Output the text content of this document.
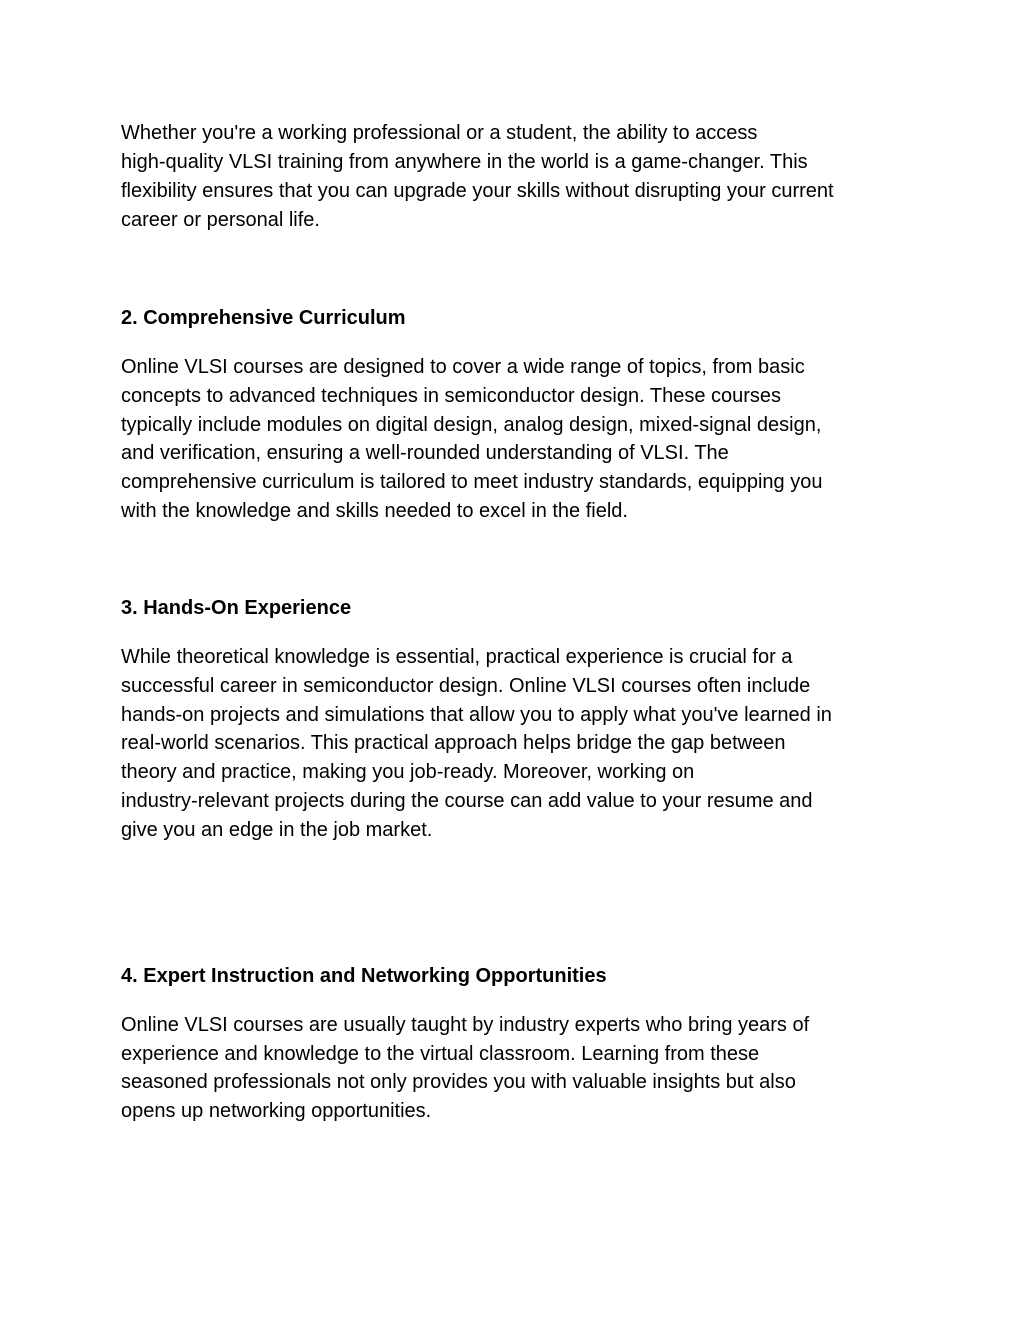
Whether you're a working professional or a student, the ability to access
high-quality VLSI training from anywhere in the world is a game-changer. This
flexibility ensures that you can upgrade your skills without disrupting your current
career or personal life.
2. Comprehensive Curriculum
Online VLSI courses are designed to cover a wide range of topics, from basic
concepts to advanced techniques in semiconductor design. These courses
typically include modules on digital design, analog design, mixed-signal design,
and verification, ensuring a well-rounded understanding of VLSI. The
comprehensive curriculum is tailored to meet industry standards, equipping you
with the knowledge and skills needed to excel in the field.
3. Hands-On Experience
While theoretical knowledge is essential, practical experience is crucial for a
successful career in semiconductor design. Online VLSI courses often include
hands-on projects and simulations that allow you to apply what you've learned in
real-world scenarios. This practical approach helps bridge the gap between
theory and practice, making you job-ready. Moreover, working on
industry-relevant projects during the course can add value to your resume and
give you an edge in the job market.
4. Expert Instruction and Networking Opportunities
Online VLSI courses are usually taught by industry experts who bring years of
experience and knowledge to the virtual classroom. Learning from these
seasoned professionals not only provides you with valuable insights but also
opens up networking opportunities.
